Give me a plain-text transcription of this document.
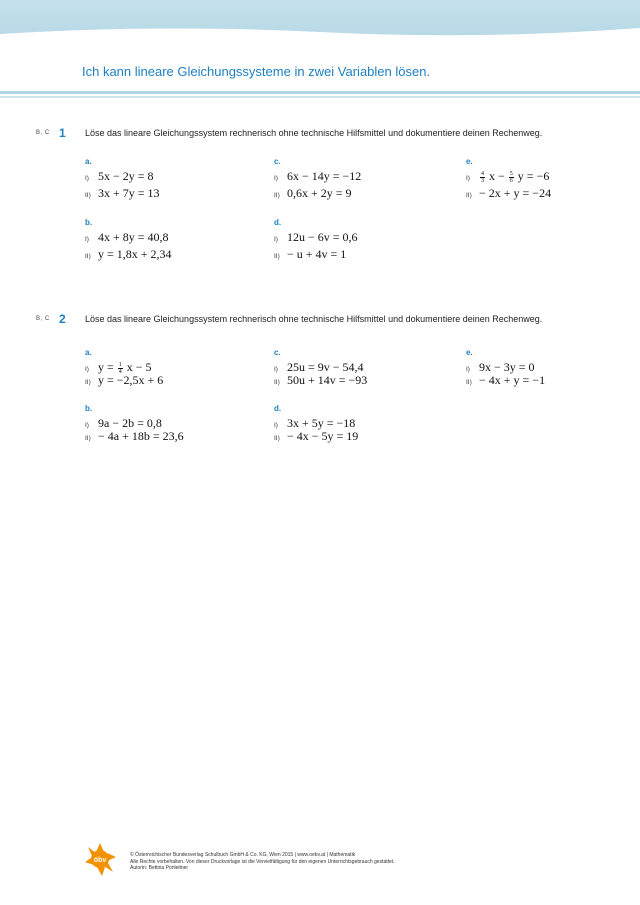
Ich kann lineare Gleichungssysteme in zwei Variablen lösen.
B, C 1 Löse das lineare Gleichungssystem rechnerisch ohne technische Hilfsmittel und dokumentiere deinen Rechenweg.
a.
I) 5x − 2y = 8
II) 3x + 7y = 13
b.
I) 4x + 8y = 40,8
II) y = 1,8x + 2,34
c.
I) 6x − 14y = −12
II) 0,6x + 2y = 9
d.
I) 12u − 6v = 0,6
II) − u + 4v = 1
e.
I)	$\frac{4}{3}$ $x - \frac{5}{6}$ y = −6
II) − 2x + y = −24
B, C 2 Löse das lineare Gleichungssystem rechnerisch ohne technische Hilfsmittel und dokumentiere deinen Rechenweg.
a.
I) $y = \frac{1}{4}$ x − 5
II) y = −2,5x + 6
b.
I) 9a − 2b = 0,8
II) − 4a + 18b = 23,6
c.
I) 25u = 9v − 54,4
II) 50u + 14v = −93
d.
I) 3x + 5y = −18
II) − 4x − 5y = 19
e.
I) 9x − 3y = 0
II) − 4x + y = −1
öbv
© Österreichischer Bundesverlag Schulbuch GmbH & Co. KG, Wien 2015 | www.oebv.at | Mathematik
Alle Rechte vorbehalten. Von dieser Druckvorlage ist die Vervielfältigung für den eigenen Unterrichtsgebrauch gestattet.
Autorin: Bettina Ponleitner
